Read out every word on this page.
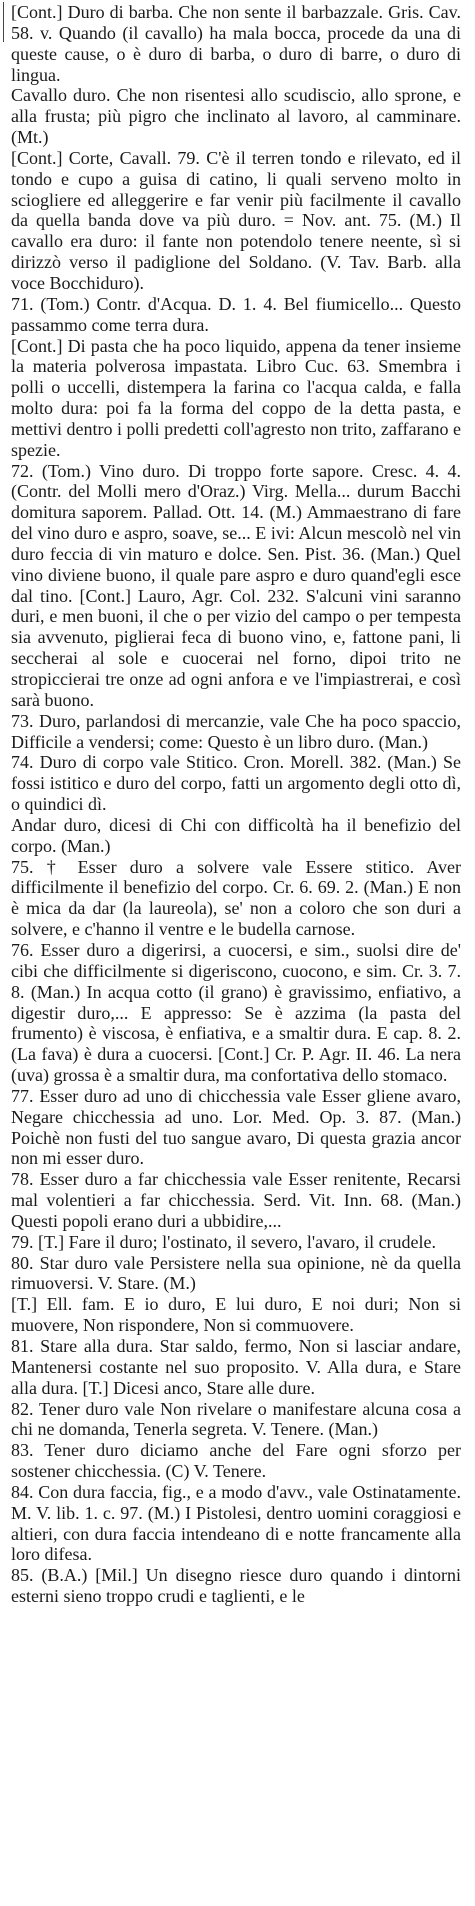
[Cont.] Duro di barba. Che non sente il barbazzale. Gris. Cav. 58. v. Quando (il cavallo) ha mala bocca, procede da una di queste cause, o è duro di barba, o duro di barre, o duro di lingua.

Cavallo duro. Che non risentesi allo scudiscio, allo sprone, e alla frusta; più pigro che inclinato al lavoro, al camminare. (Mt.)

[Cont.] Corte, Cavall. 79. C'è il terren tondo e rilevato, ed il tondo e cupo a guisa di catino, li quali serveno molto in sciogliere ed alleggerire e far venir più facilmente il cavallo da quella banda dove va più duro. = Nov. ant. 75. (M.) Il cavallo era duro: il fante non potendolo tenere neente, sì si dirizzò verso il padiglione del Soldano. (V. Tav. Barb. alla voce Bocchiduro).

71. (Tom.) Contr. d'Acqua. D. 1. 4. Bel fiumicello... Questo passammo come terra dura.

[Cont.] Di pasta che ha poco liquido, appena da tener insieme la materia polverosa impastata. Libro Cuc. 63. Smembra i polli o uccelli, distempera la farina co l'acqua calda, e falla molto dura: poi fa la forma del coppo de la detta pasta, e mettivi dentro i polli predetti coll'agresto non trito, zaffarano e spezie.

72. (Tom.) Vino duro. Di troppo forte sapore. Cresc. 4. 4. (Contr. del Molli mero d'Oraz.) Virg. Mella... durum Bacchi domitura saporem. Pallad. Ott. 14. (M.) Ammaestrano di fare del vino duro e aspro, soave, se... E ivi: Alcun mescolò nel vin duro feccia di vin maturo e dolce. Sen. Pist. 36. (Man.) Quel vino diviene buono, il quale pare aspro e duro quand'egli esce dal tino. [Cont.] Lauro, Agr. Col. 232. S'alcuni vini saranno duri, e men buoni, il che o per vizio del campo o per tempesta sia avvenuto, piglierai feca di buono vino, e, fattone pani, li seccherai al sole e cuocerai nel forno, dipoi trito ne stropiccierai tre onze ad ogni anfora e ve l'impiastrerai, e così sarà buono.

73. Duro, parlandosi di mercanzie, vale Che ha poco spaccio, Difficile a vendersi; come: Questo è un libro duro. (Man.)

74. Duro di corpo vale Stitico. Cron. Morell. 382. (Man.) Se fossi istitico e duro del corpo, fatti un argomento degli otto dì, o quindici dì.

Andar duro, dicesi di Chi con difficoltà ha il benefizio del corpo. (Man.)

75. † Esser duro a solvere vale Essere stitico. Aver difficilmente il benefizio del corpo. Cr. 6. 69. 2. (Man.) E non è mica da dar (la laureola), se' non a coloro che son duri a solvere, e c'hanno il ventre e le budella carnose.

76. Esser duro a digerirsi, a cuocersi, e sim., suolsi dire de' cibi che difficilmente si digeriscono, cuocono, e sim. Cr. 3. 7. 8. (Man.) In acqua cotto (il grano) è gravissimo, enfiativo, a digestir duro,... E appresso: Se è azzima (la pasta del frumento) è viscosa, è enfiativa, e a smaltir dura. E cap. 8. 2. (La fava) è dura a cuocersi. [Cont.] Cr. P. Agr. II. 46. La nera (uva) grossa è a smaltir dura, ma confortativa dello stomaco.

77. Esser duro ad uno di chicchessia vale Esser gliene avaro, Negare chicchessia ad uno. Lor. Med. Op. 3. 87. (Man.) Poichè non fusti del tuo sangue avaro, Di questa grazia ancor non mi esser duro.

78. Esser duro a far chicchessia vale Esser renitente, Recarsi mal volentieri a far chicchessia. Serd. Vit. Inn. 68. (Man.) Questi popoli erano duri a ubbidire,...

79. [T.] Fare il duro; l'ostinato, il severo, l'avaro, il crudele.

80. Star duro vale Persistere nella sua opinione, nè da quella rimuoversi. V. Stare. (M.)

[T.] Ell. fam. E io duro, E lui duro, E noi duri; Non si muovere, Non rispondere, Non si commuovere.

81. Stare alla dura. Star saldo, fermo, Non si lasciar andare, Mantenersi costante nel suo proposito. V. Alla dura, e Stare alla dura. [T.] Dicesi anco, Stare alle dure.

82. Tener duro vale Non rivelare o manifestare alcuna cosa a chi ne domanda, Tenerla segreta. V. Tenere. (Man.)

83. Tener duro diciamo anche del Fare ogni sforzo per sostener chicchessia. (C) V. Tenere.

84. Con dura faccia, fig., e a modo d'avv., vale Ostinatamente. M. V. lib. 1. c. 97. (M.) I Pistolesi, dentro uomini coraggiosi e altieri, con dura faccia intendeano di e notte francamente alla loro difesa.

85. (B.A.) [Mil.] Un disegno riesce duro quando i dintorni esterni sieno troppo crudi e taglienti, e le
